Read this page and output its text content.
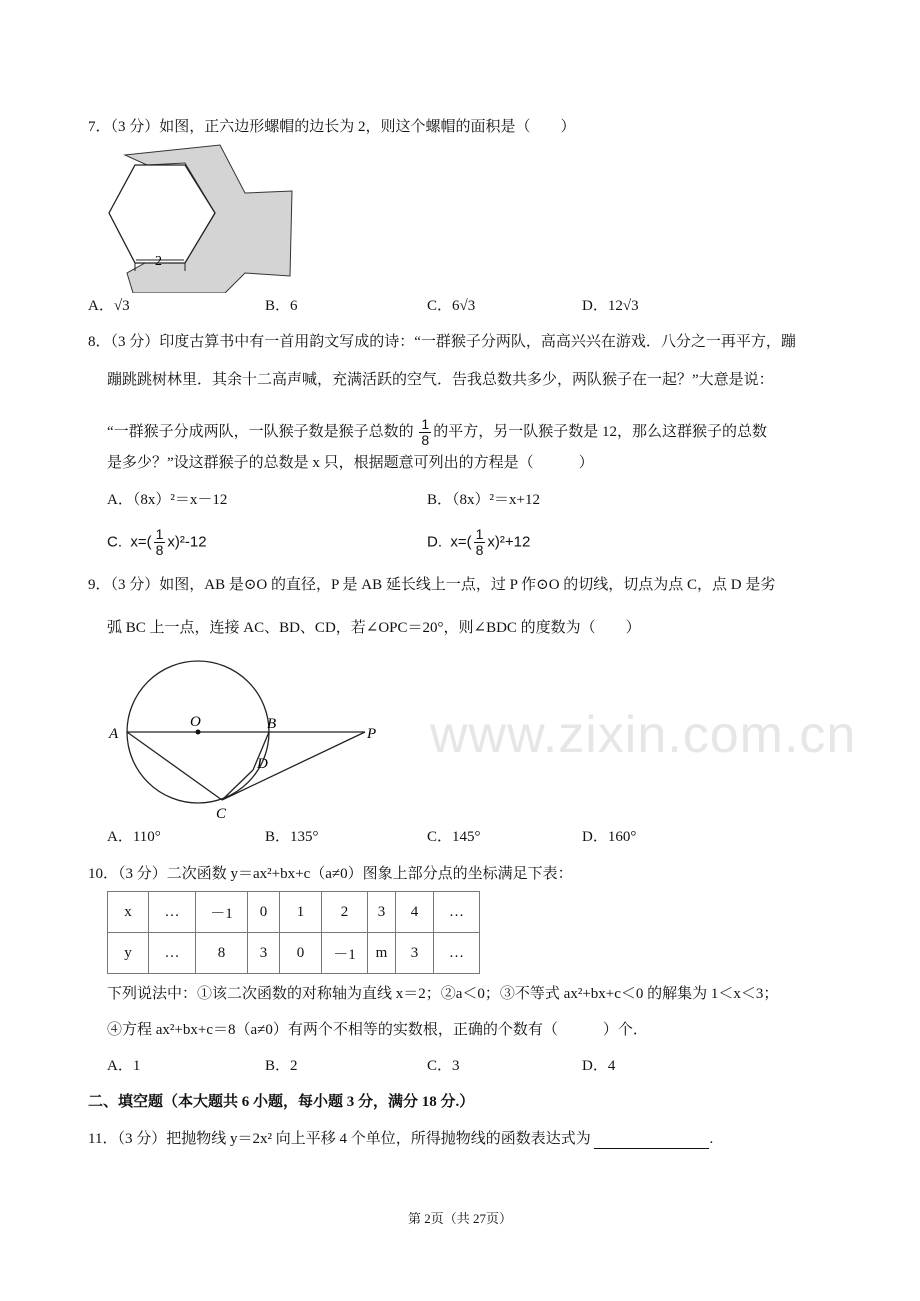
www.zixin.com.cn
7．（3 分）如图，正六边形螺帽的边长为 2，则这个螺帽的面积是（　　）
2
A．√3	B．6	C．6√3	D．12√3
8．（3 分）印度古算书中有一首用韵文写成的诗：“一群猴子分两队，高高兴兴在游戏．八分之一再平方，蹦
蹦跳跳树林里．其余十二高声喊，充满活跃的空气．告我总数共多少，两队猴子在一起？”大意是说：
“一群猴子分成两队，一队猴子数是猴子总数的 $\frac{1}{8}$ 的平方，另一队猴子数是 12，那么这群猴子的总数
是多少？”设这群猴子的总数是 x 只，根据题意可列出的方程是（　　　）
A．（8x）²＝x－12	B．（8x）²＝x+12
C. $x=( \frac{1}{8} x)^2-12$	D. $x=( \frac{1}{8} x)^2+12$
9．（3 分）如图，AB 是⊙O 的直径，P 是 AB 延长线上一点，过 P 作⊙O 的切线，切点为点 C，点 D 是劣
弧 BC 上一点，连接 AC、BD、CD，若∠OPC＝20°，则∠BDC 的度数为（　　）
A
O	B
P
D
C
A．110°	B．135°	C．145°	D．160°
10．（3 分）二次函数 y＝ax²+bx+c（a≠0）图象上部分点的坐标满足下表：
x	…	－1	0	1	2	3	4	…
y	…	8	3	0	－1	m	3	…
下列说法中：①该二次函数的对称轴为直线 x＝2；②a＜0；③不等式 ax²+bx+c＜0 的解集为 1＜x＜3；
④方程 ax²+bx+c＝8（a≠0）有两个不相等的实数根，正确的个数有（　　　）个．
A．1	B．2	C．3	D．4
二、填空题（本大题共 6 小题，每小题 3 分，满分 18 分.）
11．（3 分）把抛物线 y＝2x² 向上平移 4 个单位，所得抛物线的函数表达式为	.
第 2页（共 27页）
